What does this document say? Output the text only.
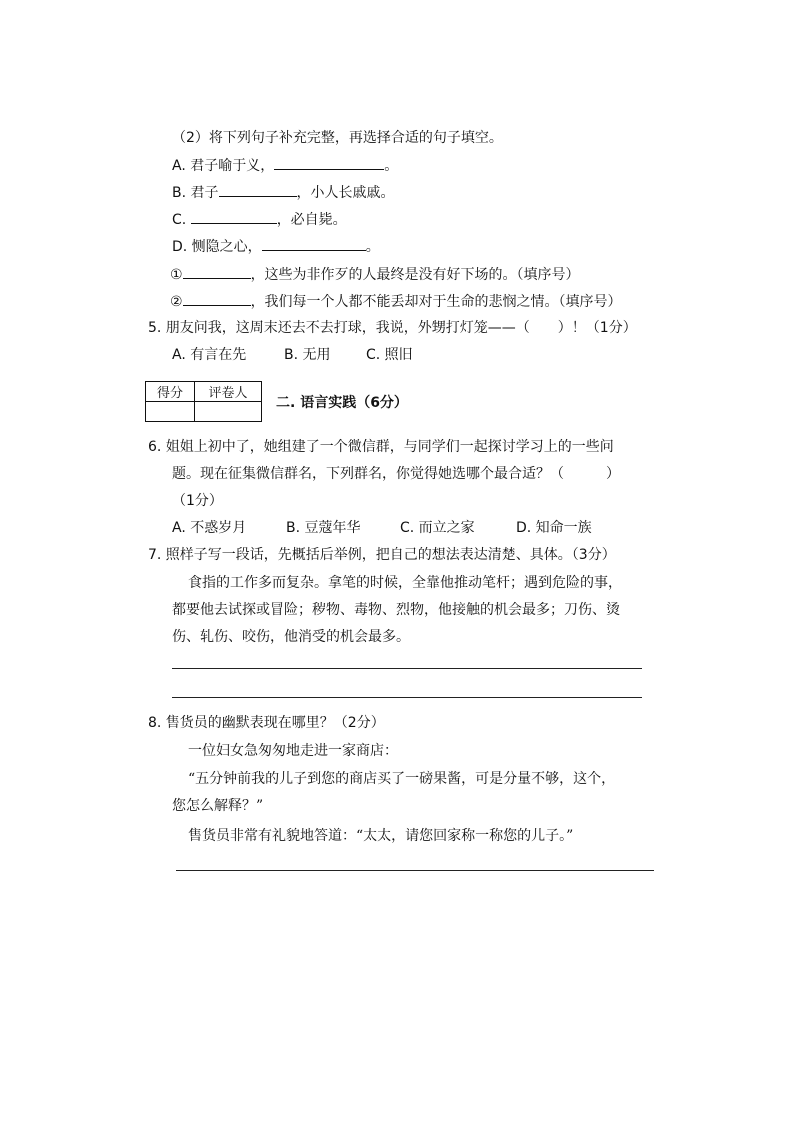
（2）将下列句子补充完整，再选择合适的句子填空。
A. 君子喻于义，	。
B. 君子	，小人长戚戚。
C.	，必自毙。
D. 恻隐之心，	。
①	，这些为非作歹的人最终是没有好下场的。（填序号）
②	，我们每一个人都不能丢却对于生命的悲悯之情。（填序号）
5. 朋友问我，这周末还去不去打球，我说，外甥打灯笼——（　　）！（1分）
A. 有言在先	B. 无用	C. 照旧
得分	评卷人

二. 语言实践（6分）
6. 姐姐上初中了，她组建了一个微信群，与同学们一起探讨学习上的一些问
题。现在征集微信群名，下列群名，你觉得她选哪个最合适？（　　　）
（1分）
A. 不惑岁月	B. 豆蔻年华	C. 而立之家	D. 知命一族
7. 照样子写一段话，先概括后举例，把自己的想法表达清楚、具体。（3分）
食指的工作多而复杂。拿笔的时候，全靠他推动笔杆；遇到危险的事，
都要他去试探或冒险；秽物、毒物、烈物，他接触的机会最多；刀伤、烫
伤、轧伤、咬伤，他消受的机会最多。
8. 售货员的幽默表现在哪里？（2分）
一位妇女急匆匆地走进一家商店：
“五分钟前我的儿子到您的商店买了一磅果酱，可是分量不够，这个，
您怎么解释？”
售货员非常有礼貌地答道：“太太，请您回家称一称您的儿子。”
